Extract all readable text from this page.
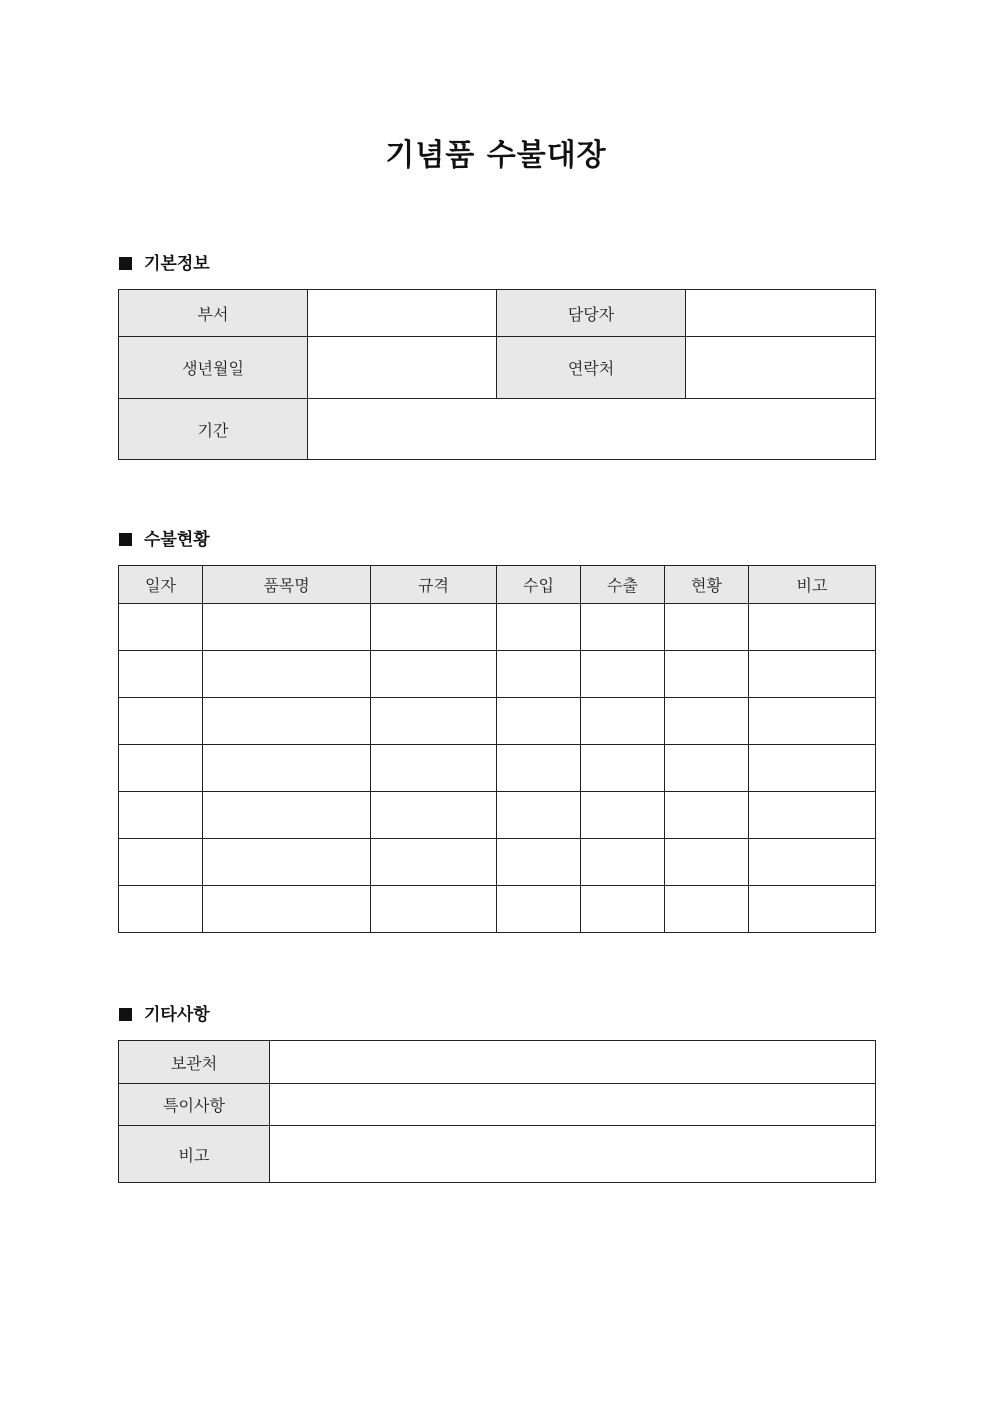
기념품 수불대장
기본정보
부서		담당자	
생년월일		연락처	
기간			
수불현황
일자	품목명	규격	수입	수출	현황	비고

기타사항
보관처	
특이사항	
비고	
